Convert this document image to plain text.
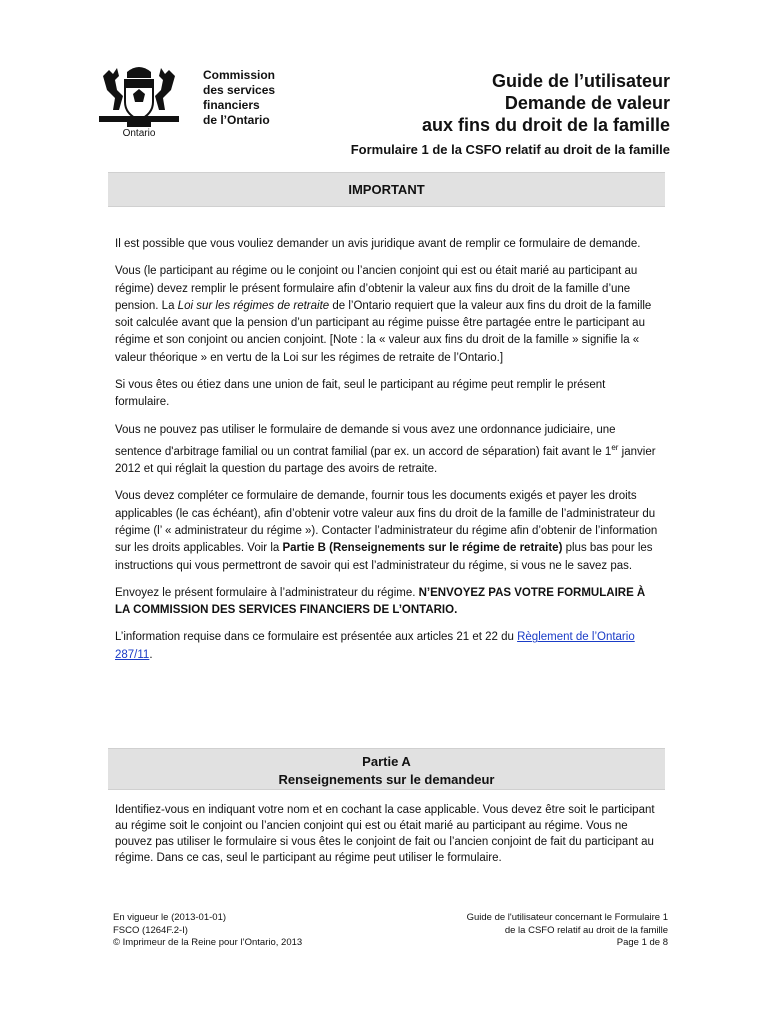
Ontario
Commission
des services
financiers
de l’Ontario
Guide de l’utilisateur
Demande de valeur
aux fins du droit de la famille
Formulaire 1 de la CSFO relatif au droit de la famille
IMPORTANT

Il est possible que vous vouliez demander un avis juridique avant de remplir ce formulaire de demande.

Vous (le participant au régime ou le conjoint ou l’ancien conjoint qui est ou était marié au participant au régime) devez remplir le présent formulaire afin d’obtenir la valeur aux fins du droit de la famille d’une pension. La Loi sur les régimes de retraite de l’Ontario requiert que la valeur aux fins du droit de la famille soit calculée avant que la pension d’un participant au régime puisse être partagée entre le participant au régime et son conjoint ou ancien conjoint. [Note : la « valeur aux fins du droit de la famille » signifie la « valeur théorique » en vertu de la Loi sur les régimes de retraite de l’Ontario.]

Si vous êtes ou étiez dans une union de fait, seul le participant au régime peut remplir le présent formulaire.

Vous ne pouvez pas utiliser le formulaire de demande si vous avez une ordonnance judiciaire, une sentence d'arbitrage familial ou un contrat familial (par ex. un accord de séparation) fait avant le 1er janvier 2012 et qui réglait la question du partage des avoirs de retraite.

Vous devez compléter ce formulaire de demande, fournir tous les documents exigés et payer les droits applicables (le cas échéant), afin d’obtenir votre valeur aux fins du droit de la famille de l’administrateur du régime (l’ « administrateur du régime »). Contacter l’administrateur du régime afin d’obtenir de l’information sur les droits applicables. Voir la Partie B (Renseignements sur le régime de retraite) plus bas pour les instructions qui vous permettront de savoir qui est l’administrateur du régime, si vous ne le savez pas.

Envoyez le présent formulaire à l’administrateur du régime. N’ENVOYEZ PAS VOTRE FORMULAIRE À LA COMMISSION DES SERVICES FINANCIERS DE L’ONTARIO.

L’information requise dans ce formulaire est présentée aux articles 21 et 22 du Règlement de l’Ontario 287/11.

Partie A
Renseignements sur le demandeur
Identifiez-vous en indiquant votre nom et en cochant la case applicable. Vous devez être soit le participant au régime soit le conjoint ou l’ancien conjoint qui est ou était marié au participant au régime. Vous ne pouvez pas utiliser le formulaire si vous êtes le conjoint de fait ou l’ancien conjoint de fait du participant au régime. Dans ce cas, seul le participant au régime peut utiliser le formulaire.
En vigueur le (2013-01-01)
FSCO (1264F.2-I)
© Imprimeur de la Reine pour l’Ontario, 2013
Guide de l'utilisateur concernant le Formulaire 1
de la CSFO relatif au droit de la famille
Page 1 de 8
